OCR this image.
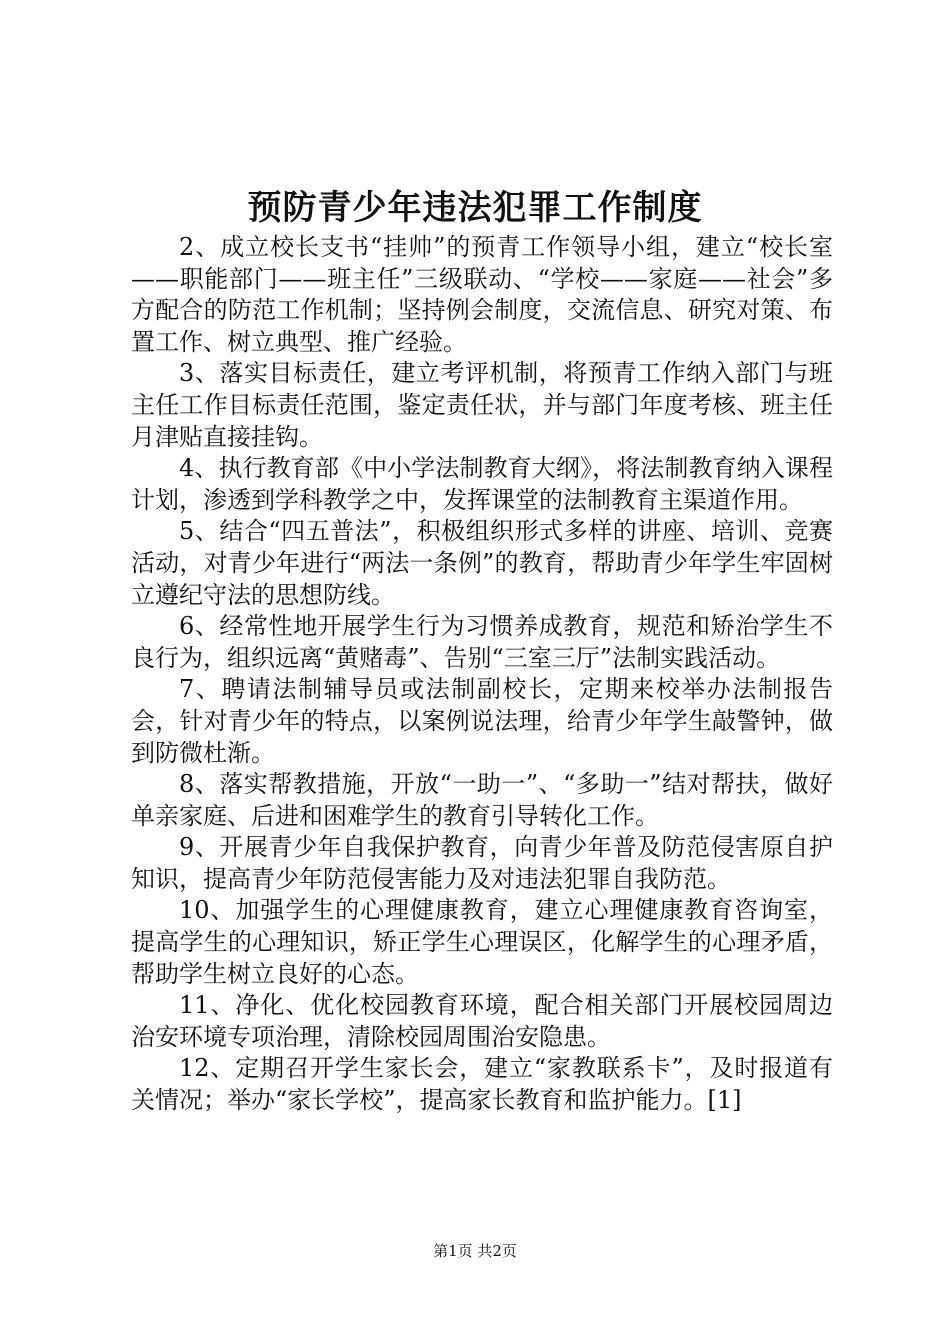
预防青少年违法犯罪工作制度

2、成立校长支书“挂帅”的预青工作领导小组，建立“校长室——职能部门——班主任”三级联动、“学校——家庭——社会”多方配合的防范工作机制；坚持例会制度，交流信息、研究对策、布置工作、树立典型、推广经验。

3、落实目标责任，建立考评机制，将预青工作纳入部门与班主任工作目标责任范围，鉴定责任状，并与部门年度考核、班主任月津贴直接挂钩。

4、执行教育部《中小学法制教育大纲》，将法制教育纳入课程计划，渗透到学科教学之中，发挥课堂的法制教育主渠道作用。

5、结合“四五普法”，积极组织形式多样的讲座、培训、竞赛活动，对青少年进行“两法一条例”的教育，帮助青少年学生牢固树立遵纪守法的思想防线。

6、经常性地开展学生行为习惯养成教育，规范和矫治学生不良行为，组织远离“黄赌毒”、告别“三室三厅”法制实践活动。

7、聘请法制辅导员或法制副校长，定期来校举办法制报告会，针对青少年的特点，以案例说法理，给青少年学生敲警钟，做到防微杜渐。

8、落实帮教措施，开放“一助一”、“多助一”结对帮扶，做好单亲家庭、后进和困难学生的教育引导转化工作。

9、开展青少年自我保护教育，向青少年普及防范侵害原自护知识，提高青少年防范侵害能力及对违法犯罪自我防范。

10、加强学生的心理健康教育，建立心理健康教育咨询室，提高学生的心理知识，矫正学生心理误区，化解学生的心理矛盾，帮助学生树立良好的心态。

11、净化、优化校园教育环境，配合相关部门开展校园周边治安环境专项治理，清除校园周围治安隐患。

12、定期召开学生家长会，建立“家教联系卡”，及时报道有关情况；举办“家长学校”，提高家长教育和监护能力。[1]

第1页 共2页
